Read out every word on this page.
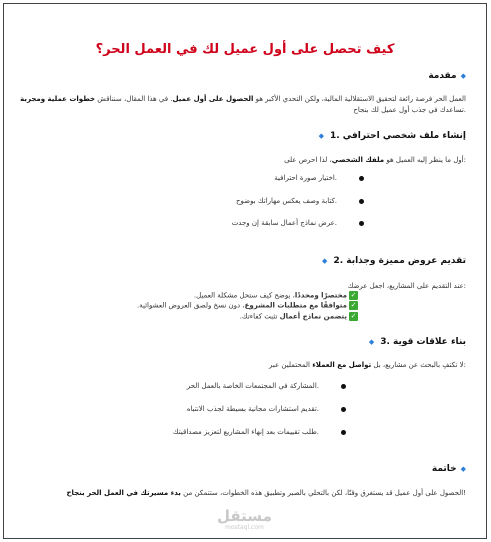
كيف تحصل على أول عميل لك في العمل الحر؟
◆مقدمة
العمل الحر فرصة رائعة لتحقيق الاستقلالية المالية، ولكن التحدي الأكبر هو الحصول على أول عميل. في هذا المقال، سنناقش خطوات عملية ومجربة
.تساعدك في جذب أول عميل لك بنجاح
إنشاء ملف شخصي احترافي .1◆
:أول ما ينظر إليه العميل هو ملفك الشخصي، لذا احرص على
.اختيار صورة احترافية
.كتابة وصف يعكس مهاراتك بوضوح
.عرض نماذج أعمال سابقة إن وجدت
تقديم عروض مميزة وجذابة .2◆
:عند التقديم على المشاريع، اجعل عرضك
✓مختصرًا ومحددًا، يوضح كيف ستحل مشكلة العميل.
✓متوافقًا مع متطلبات المشروع، دون نسخ ولصق العروض العشوائية.
✓يتضمن نماذج أعمال تثبت كفاءتك.
بناء علاقات قوية .3◆
:لا تكتفِ بالبحث عن مشاريع، بل تواصل مع العملاء المحتملين عبر
.المشاركة في المجتمعات الخاصة بالعمل الحر
.تقديم استشارات مجانية بسيطة لجذب الانتباه
.طلب تقييمات بعد إنهاء المشاريع لتعزيز مصداقيتك
◆خاتمة
!الحصول على أول عميل قد يستغرق وقتًا، لكن بالتحلي بالصبر وتطبيق هذه الخطوات، ستتمكن من بدء مسيرتك في العمل الحر بنجاح
مستقل
mostaql.com
